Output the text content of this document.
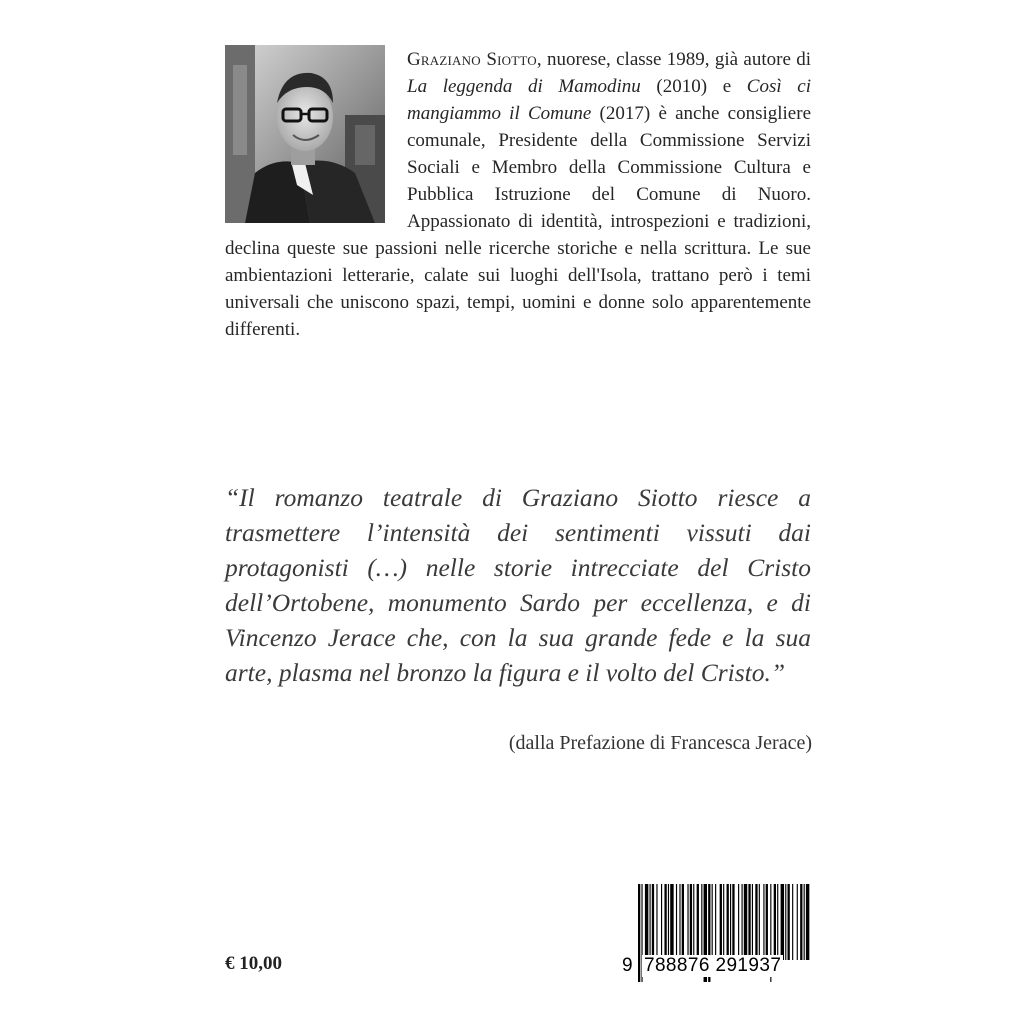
Graziano Siotto, nuorese, classe 1989, già autore di La leggenda di Mamodinu (2010) e Così ci mangiammo il Comune (2017) è anche consigliere comunale, Presidente della Commissione Servizi Sociali e Membro della Commissione Cultura e Pubblica Istruzione del Comune di Nuoro. Appassionato di identità, introspezioni e tradizioni, declina queste sue passioni nelle ricerche storiche e nella scrittura. Le sue ambientazioni letterarie, calate sui luoghi dell'Isola, trattano però i temi universali che uniscono spazi, tempi, uomini e donne solo apparentemente differenti.

“Il romanzo teatrale di Graziano Siotto riesce a trasmettere l’intensità dei sentimenti vissuti dai protagonisti (…) nelle storie intrecciate del Cristo dell’Ortobene, monumento Sardo per eccellenza, e di Vincenzo Jerace che, con la sua grande fede e la sua arte, plasma nel bronzo la figura e il volto del Cristo.”

(dalla Prefazione di Francesca Jerace)

€ 10,00	9 788876 291937
